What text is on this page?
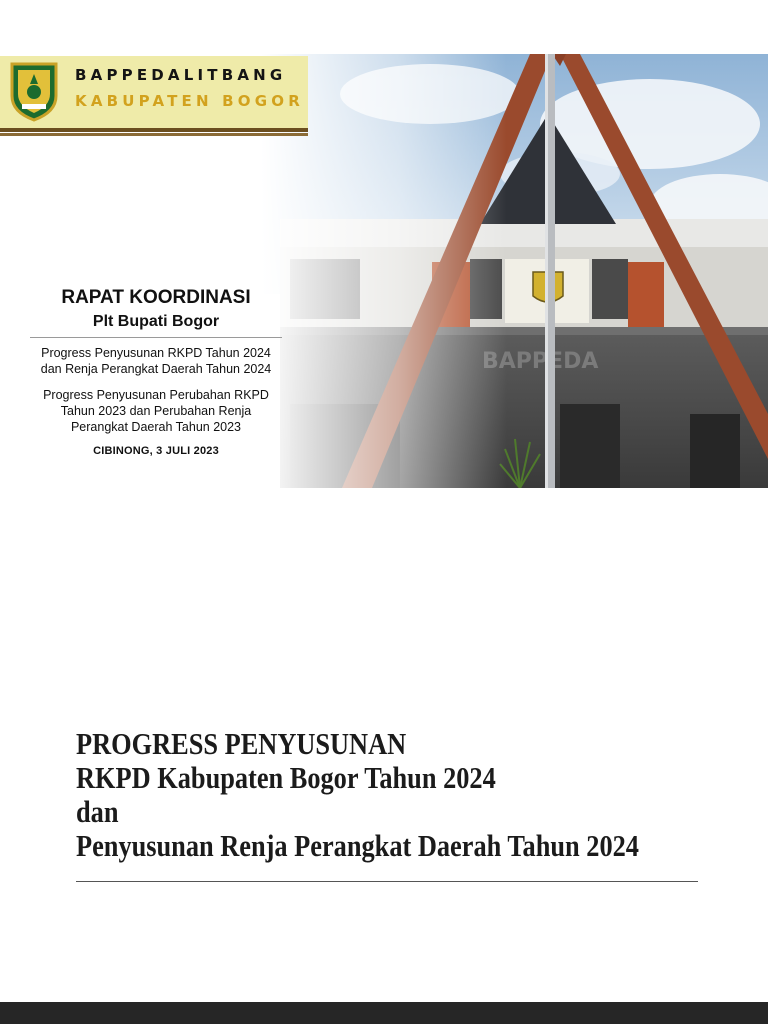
BAPPEDALITBANG
KABUPATEN BOGOR
RAPAT KOORDINASI
Plt Bupati Bogor
Progress Penyusunan RKPD Tahun 2024
dan Renja Perangkat Daerah Tahun 2024
Progress Penyusunan Perubahan RKPD
Tahun 2023 dan Perubahan Renja
Perangkat Daerah Tahun 2023
CIBINONG, 3 JULI 2023
PROGRESS PENYUSUNAN
RKPD Kabupaten Bogor Tahun 2024
dan
Penyusunan Renja Perangkat Daerah Tahun 2024
